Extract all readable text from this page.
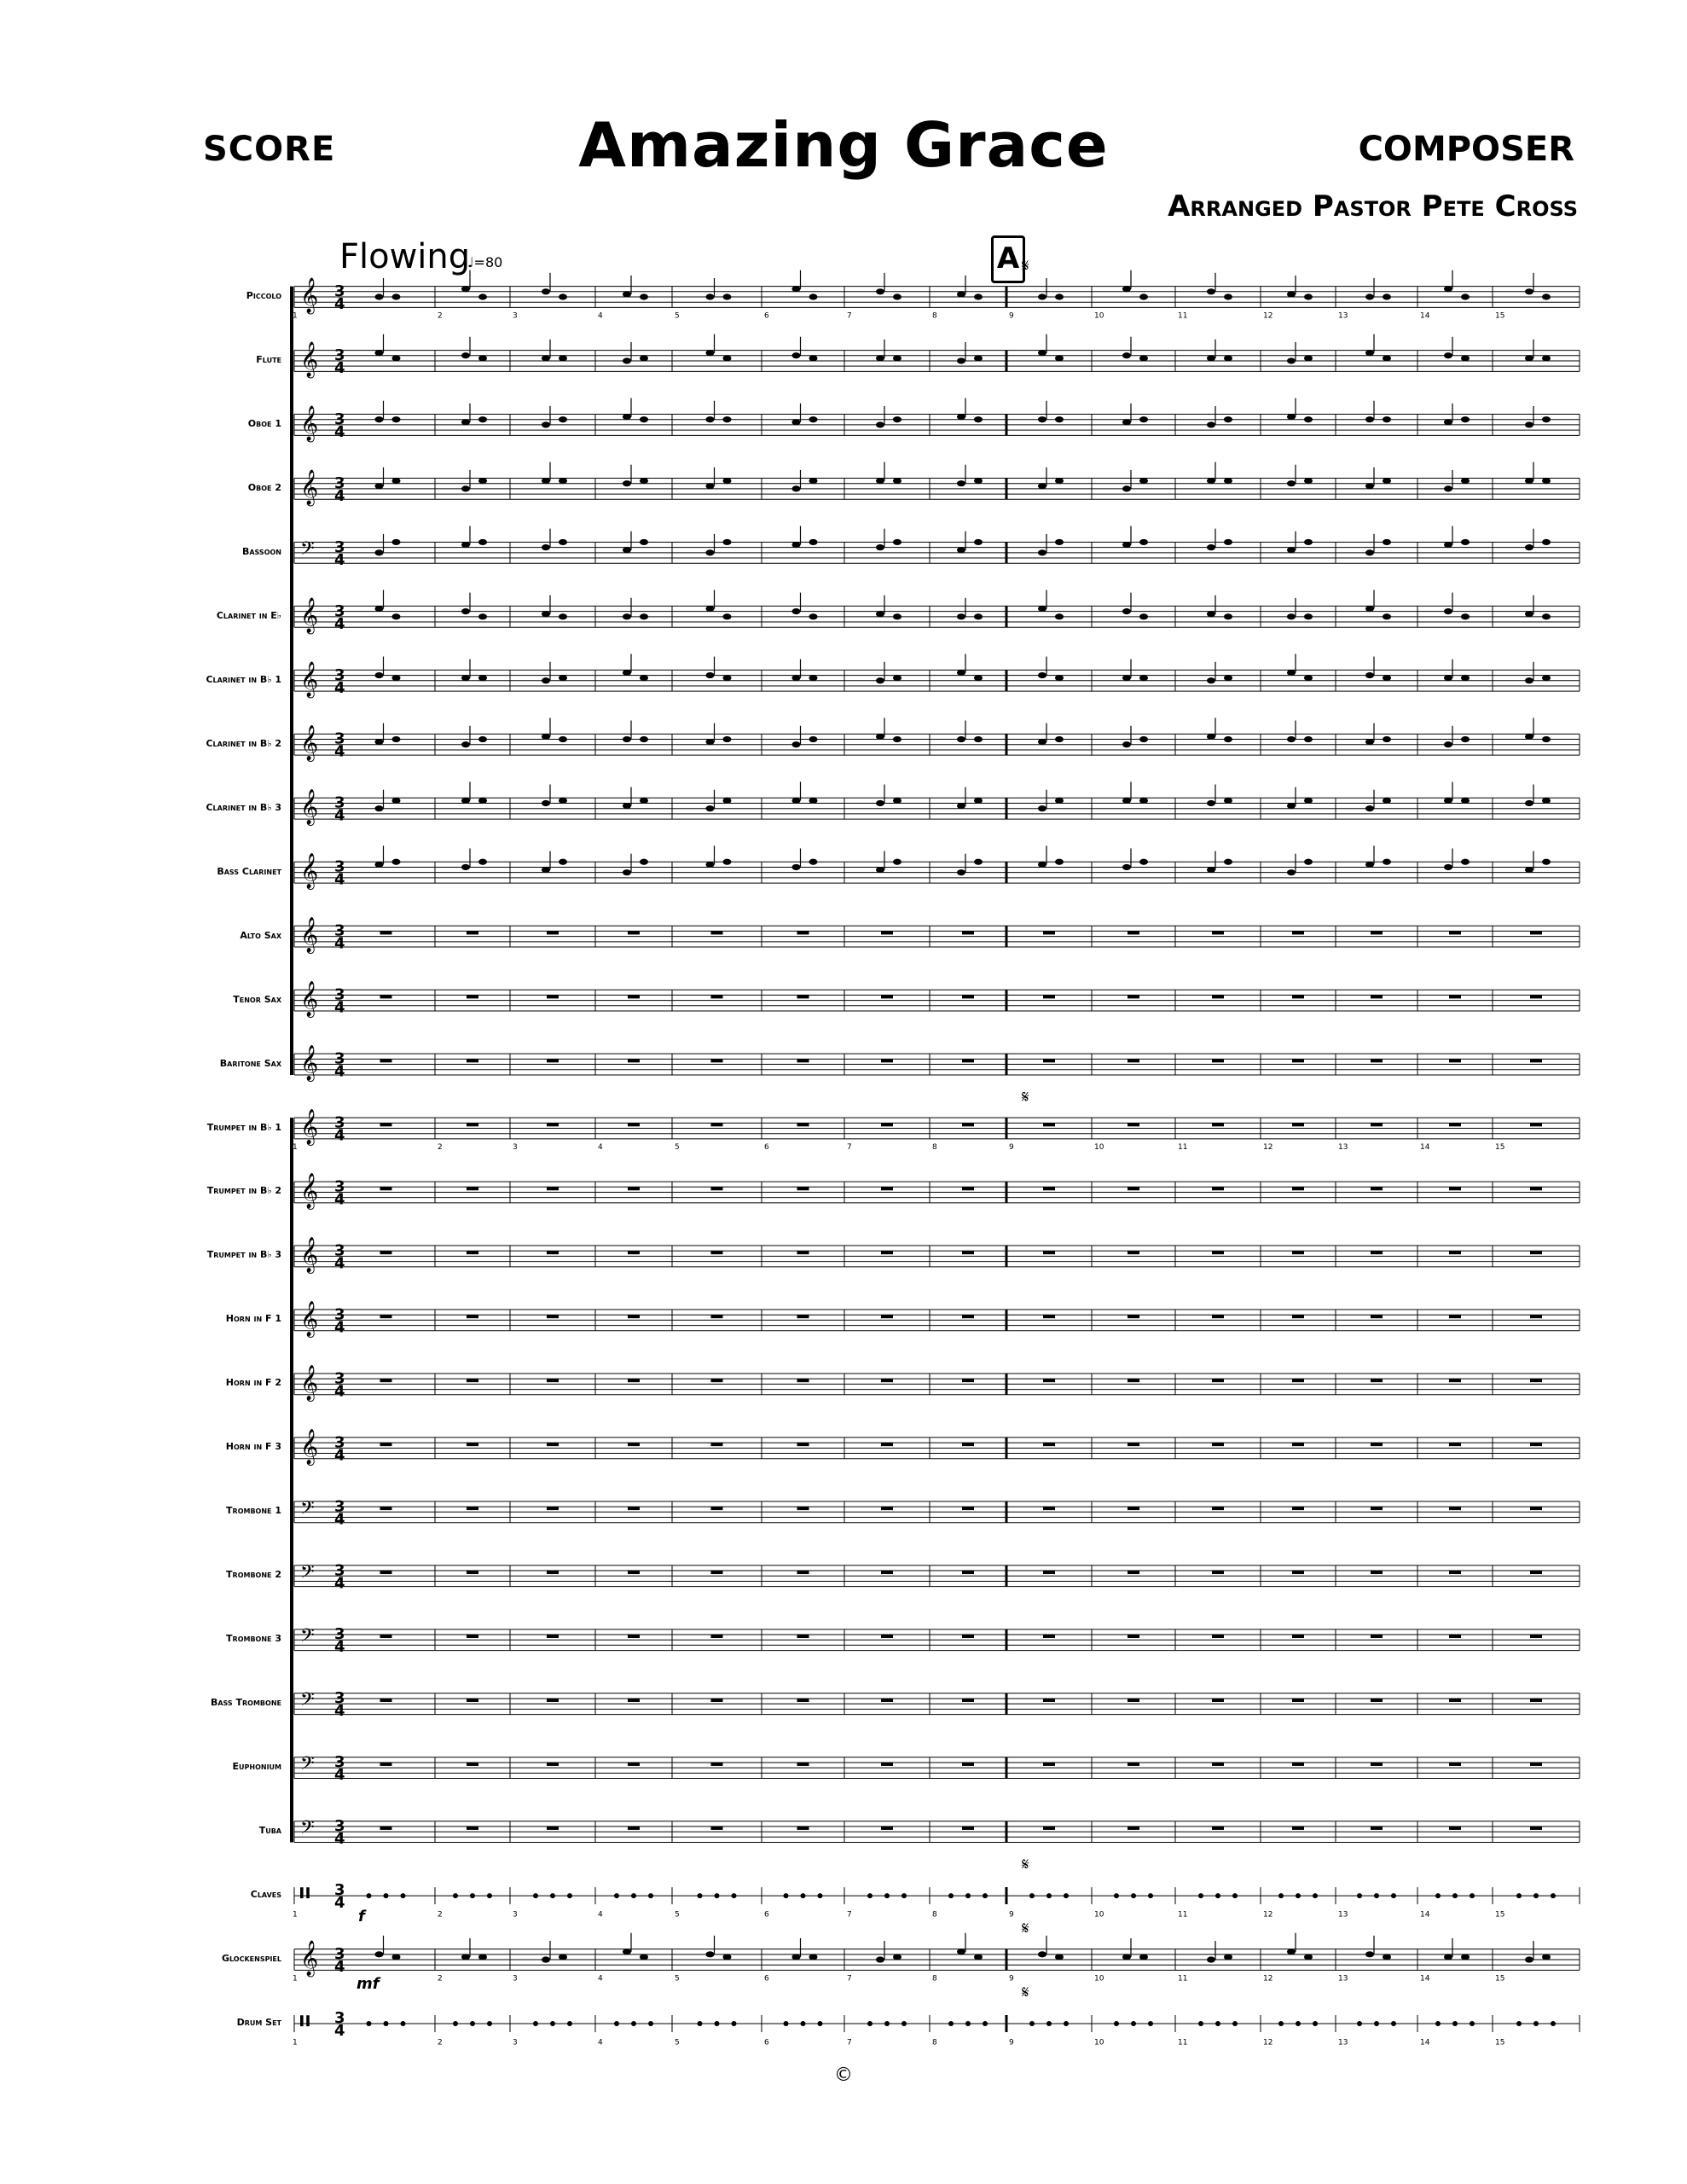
SCORE	Amazing Grace	COMPOSER
Arranged Pastor Pete Cross
Flowing
♩=80	A
Piccolo
Flute
Oboe 1
Oboe 2
Bassoon
Clarinet in E♭
Clarinet in B♭ 1
Clarinet in B♭ 2
Clarinet in B♭ 3
Bass Clarinet
Alto Sax
Tenor Sax
Baritone Sax
Trumpet in B♭ 1
Trumpet in B♭ 2
Trumpet in B♭ 3
Horn in F 1
Horn in F 2
Horn in F 3
Trombone 1
Trombone 2
Trombone 3
Bass Trombone
Euphonium
Tuba
Claves
Glockenspiel
Drum Set
𝄞 3
4
𝄞 3
4
𝄞 3
4
𝄞 3
4
𝄢 3
4
𝄞 3
4
𝄞 3
4
𝄞 3
4
𝄞 3
4
𝄞 3
4
𝄞 3
4
𝄞 3
4
𝄞 3
4
𝄞 3
4
𝄞 3
4
𝄞 3
4
𝄞 3
4
𝄞 3
4
𝄞 3
4
𝄢 3
4
𝄢 3
4
𝄢 3
4
𝄢 3
4
𝄢 3
4
𝄢 3
4
𝄥 3
4
𝄞 3
4
𝄥 3
4
1	2	3	4	5	6	7	8	9	10	11	12	13	14	15
1	2	3	4	5	6	7	8	9	10	11	12	13	14	15
1	2	3	4	5	6	7	8	9	10	11	12	13	14	15
1	2	3	4	5	6	7	8	9	10	11	12	13	14	15
1	2	3	4	5	6	7	8	9	10	11	12	13	14	15
𝄋
𝄋
𝄋
𝄋
𝄋
f
mf
©
